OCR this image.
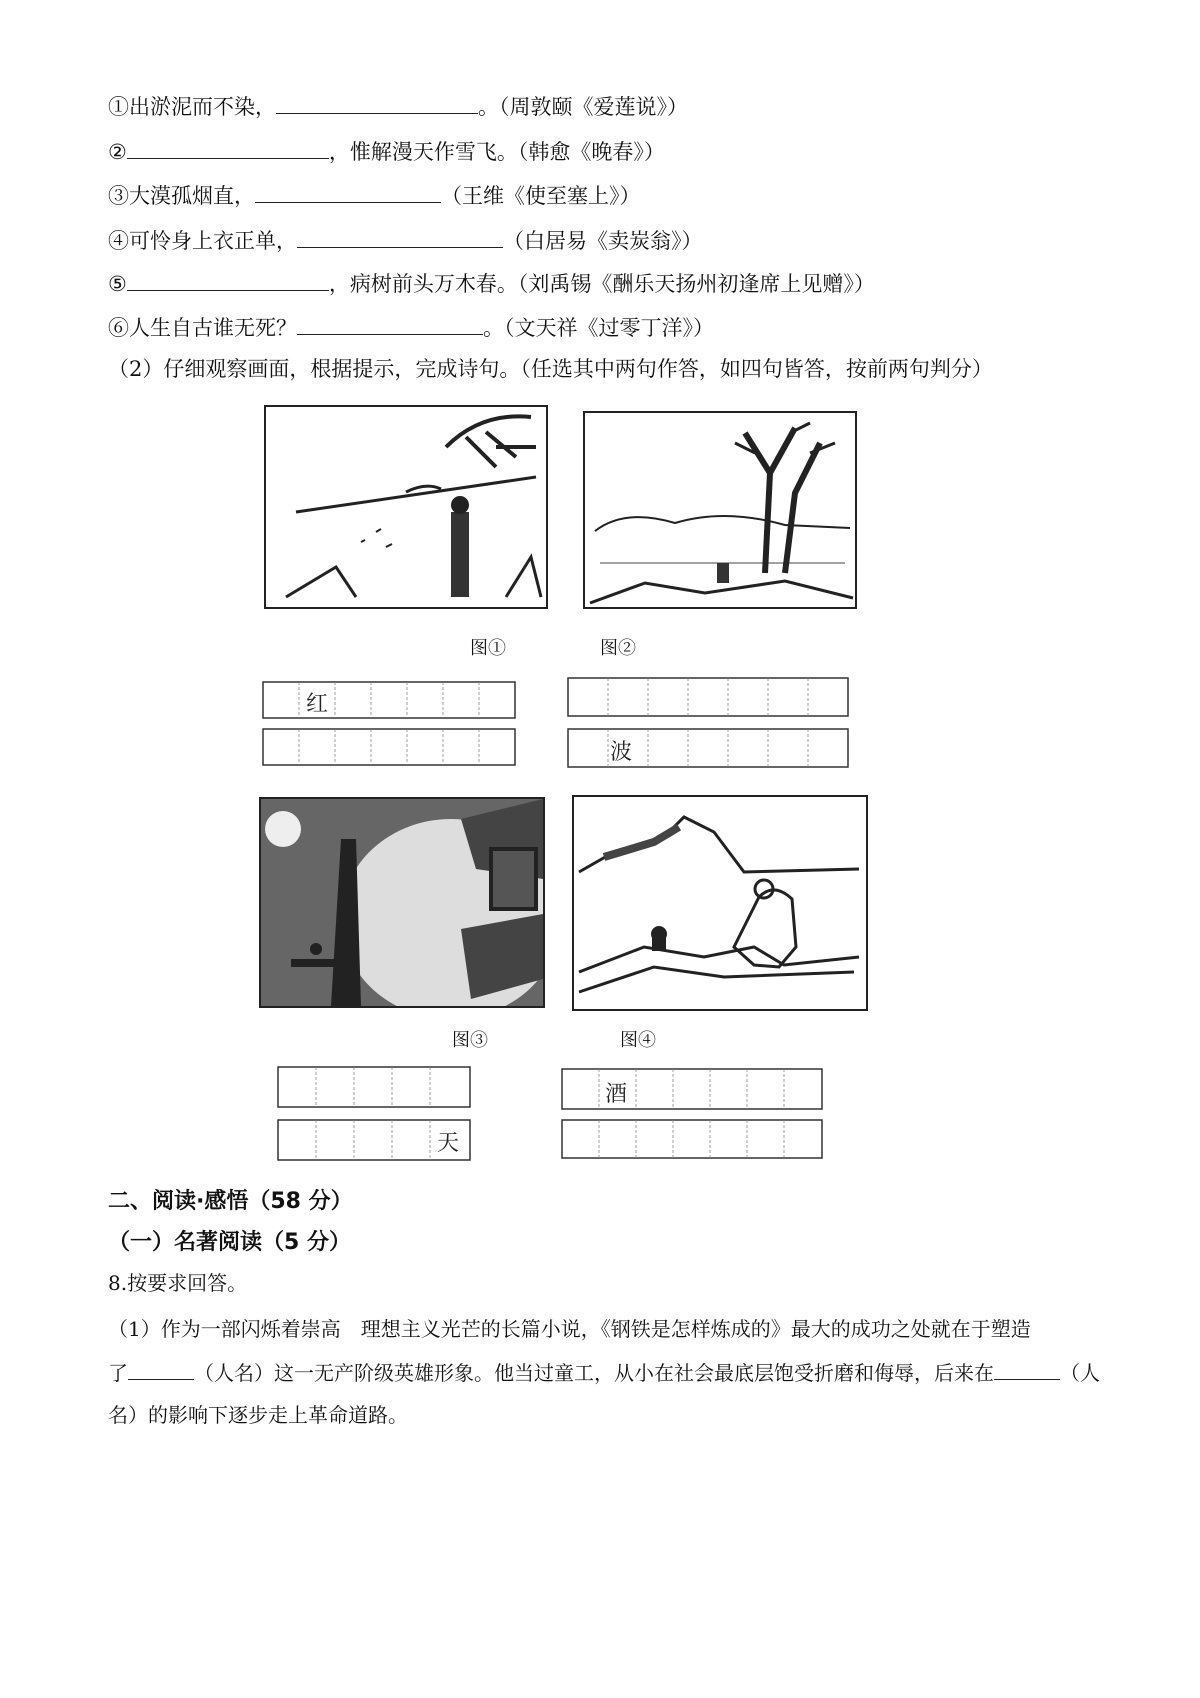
①出淤泥而不染，	。（周敦颐《爱莲说》）
②	，惟解漫天作雪飞。（韩愈《晚春》）
③大漠孤烟直，	（王维《使至塞上》）
④可怜身上衣正单，	（白居易《卖炭翁》）
⑤	，病树前头万木春。（刘禹锡《酬乐天扬州初逢席上见赠》）
⑥人生自古谁无死？	。（文天祥《过零丁洋》）
（2）仔细观察画面，根据提示，完成诗句。（任选其中两句作答，如四句皆答，按前两句判分）
图①	图②
红
波
图③	图④
天
酒
二、阅读·感悟（58 分）
（一）名著阅读（5 分）
8.按要求回答。
（1）作为一部闪烁着崇高　理想主义光芒的长篇小说，《钢铁是怎样炼成的》最大的成功之处就在于塑造
了	（人名）这一无产阶级英雄形象。他当过童工，从小在社会最底层饱受折磨和侮辱，后来在	（人
名）的影响下逐步走上革命道路。
